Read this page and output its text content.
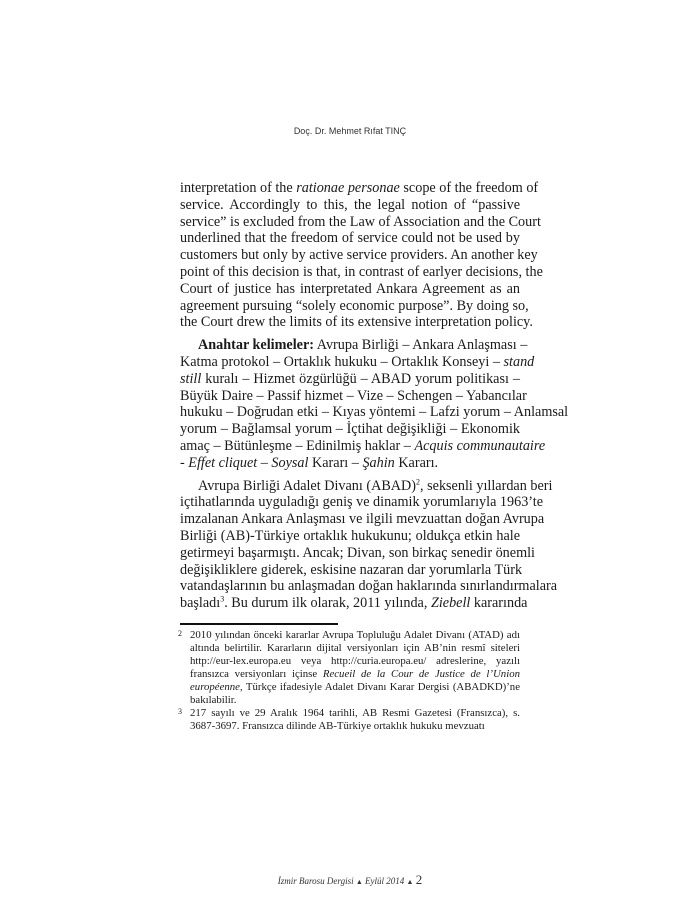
Doç. Dr. Mehmet Rıfat TINÇ
interpretation of the rationae personae scope of the freedom of
service. Accordingly to this, the legal notion of “passive
service” is excluded from the Law of Association and the Court
underlined that the freedom of service could not be used by
customers but only by active service providers. An another key
point of this decision is that, in contrast of earlyer decisions, the
Court of justice has interpretated Ankara Agreement as an
agreement pursuing “solely economic purpose”. By doing so,
the Court drew the limits of its extensive interpretation policy.
Anahtar kelimeler: Avrupa Birliği – Ankara Anlaşması –
Katma protokol – Ortaklık hukuku – Ortaklık Konseyi – stand
still kuralı – Hizmet özgürlüğü – ABAD yorum politikası –
Büyük Daire – Passif hizmet – Vize – Schengen – Yabancılar
hukuku – Doğrudan etki – Kıyas yöntemi – Lafzi yorum – Anlamsal
yorum – Bağlamsal yorum – İçtihat değişikliği – Ekonomik
amaç – Bütünleşme – Edinilmiş haklar – Acquis communautaire
- Effet cliquet – Soysal Kararı – Şahin Kararı.
Avrupa Birliği Adalet Divanı (ABAD)$^2$, seksenli yıllardan beri
içtihatlarında uyguladığı geniş ve dinamik yorumlarıyla 1963’te
imzalanan Ankara Anlaşması ve ilgili mevzuattan doğan Avrupa
Birliği (AB)-Türkiye ortaklık hukukunu; oldukça etkin hale
getirmeyi başarmıştı. Ancak; Divan, son birkaç senedir önemli
değişikliklere giderek, eskisine nazaran dar yorumlarla Türk
vatandaşlarının bu anlaşmadan doğan haklarında sınırlandırmalara
başladı$^3$. Bu durum ilk olarak, 2011 yılında, Ziebell kararında
2 2010 yılından önceki kararlar Avrupa Topluluğu Adalet Divanı (ATAD) adı
altında belirtilir. Kararların dijital versiyonları için AB’nin resmî siteleri
http://eur-lex.europa.eu veya http://curia.europa.eu/ adreslerine, yazılı
fransızca versiyonları içinse Recueil de la Cour de Justice de l’Union
européenne, Türkçe ifadesiyle Adalet Divanı Karar Dergisi (ABADKD)’ne
bakılabilir.
3 217 sayılı ve 29 Aralık 1964 tarihli, AB Resmi Gazetesi (Fransızca), s.
3687-3697. Fransızca dilinde AB-Türkiye ortaklık hukuku mevzuatı
İzmir Barosu Dergisi ▲ Eylül 2014 ▲ 2
